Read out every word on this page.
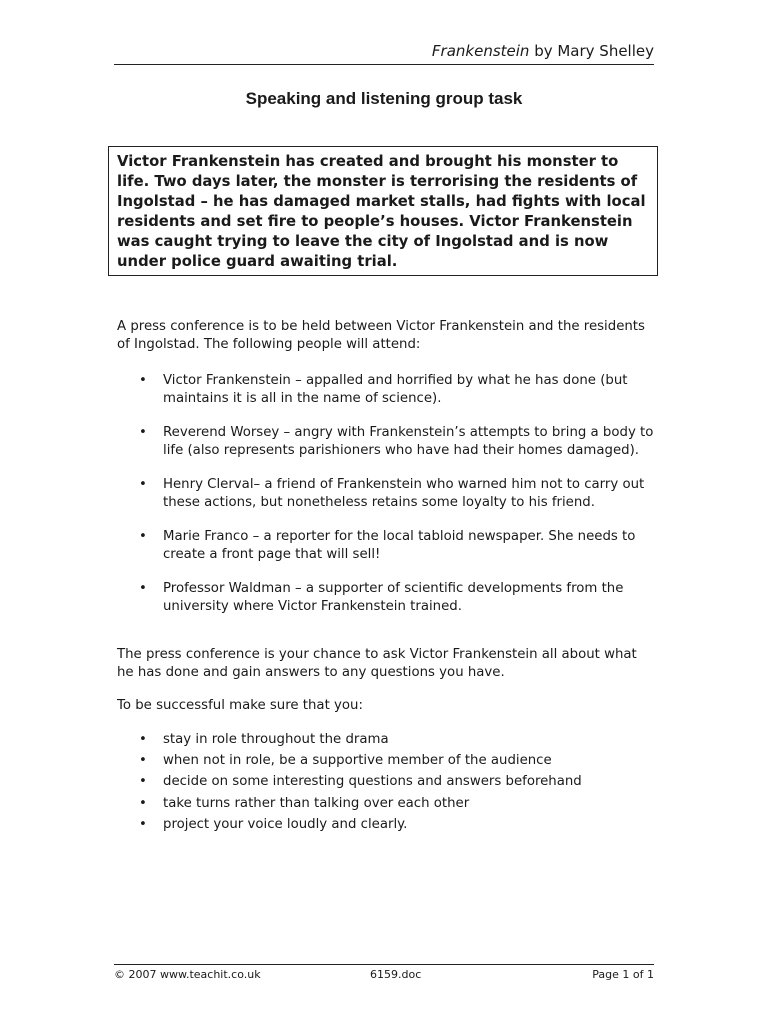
Frankenstein by Mary Shelley
Speaking and listening group task
Victor Frankenstein has created and brought his monster to life. Two days later, the monster is terrorising the residents of Ingolstad – he has damaged market stalls, had fights with local residents and set fire to people’s houses. Victor Frankenstein was caught trying to leave the city of Ingolstad and is now under police guard awaiting trial.
A press conference is to be held between Victor Frankenstein and the residents of Ingolstad. The following people will attend:
• Victor Frankenstein – appalled and horrified by what he has done (but maintains it is all in the name of science).
• Reverend Worsey – angry with Frankenstein’s attempts to bring a body to life (also represents parishioners who have had their homes damaged).
• Henry Clerval– a friend of Frankenstein who warned him not to carry out these actions, but nonetheless retains some loyalty to his friend.
• Marie Franco – a reporter for the local tabloid newspaper. She needs to create a front page that will sell!
• Professor Waldman – a supporter of scientific developments from the university where Victor Frankenstein trained.
The press conference is your chance to ask Victor Frankenstein all about what he has done and gain answers to any questions you have.
To be successful make sure that you:
• stay in role throughout the drama
• when not in role, be a supportive member of the audience
• decide on some interesting questions and answers beforehand
• take turns rather than talking over each other
• project your voice loudly and clearly.
© 2007 www.teachit.co.uk	6159.doc	Page 1 of 1
